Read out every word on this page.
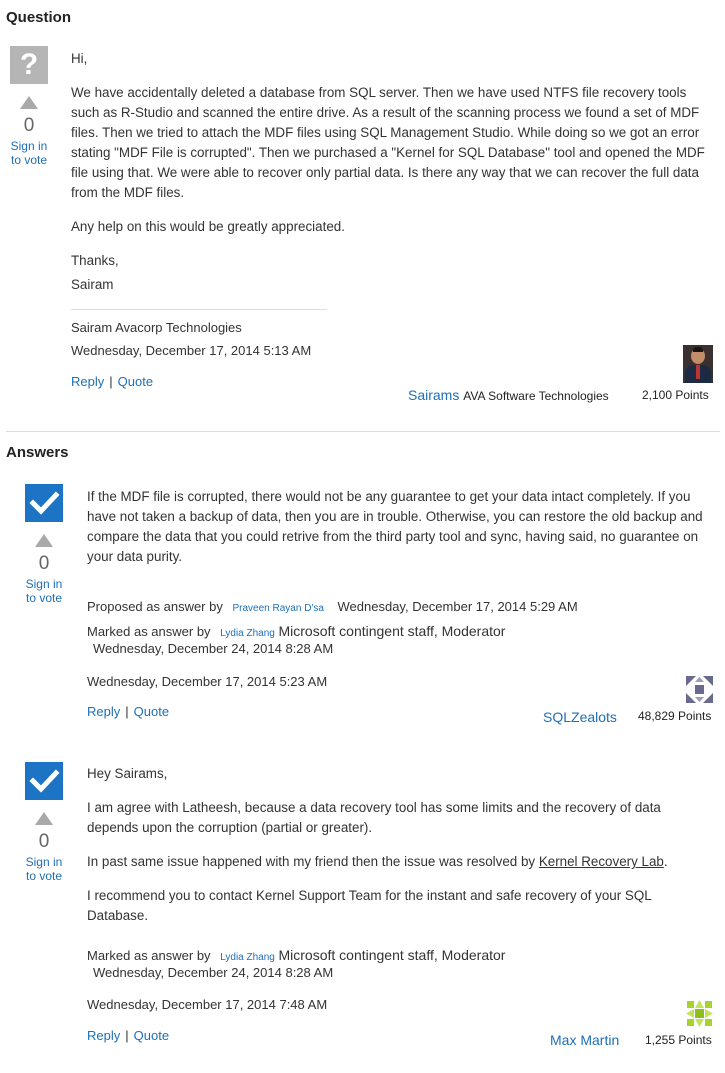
Question
?
0
Sign in
to vote

Hi,

We have accidentally deleted a database from SQL server. Then we have used NTFS file recovery tools such as R-Studio and scanned the entire drive. As a result of the scanning process we found a set of MDF files. Then we tried to attach the MDF files using SQL Management Studio. While doing so we got an error stating "MDF File is corrupted". Then we purchased a "Kernel for SQL Database" tool and opened the MDF file using that. We were able to recover only partial data. Is there any way that we can recover the full data from the MDF files.

Any help on this would be greatly appreciated.

Thanks,

Sairam

Sairam Avacorp Technologies
Wednesday, December 17, 2014 5:13 AM
Reply | Quote
Sairams AVA Software Technologies	2,100 Points
Answers
0
Sign in
to vote

If the MDF file is corrupted, there would not be any guarantee to get your data intact completely. If you have not taken a backup of data, then you are in trouble. Otherwise, you can restore the old backup and compare the data that you could retrive from the third party tool and sync, having said, no guarantee on your data purity.

Proposed as answer by Praveen Rayan D'sa Wednesday, December 17, 2014 5:29 AM
Marked as answer by Lydia Zhang Microsoft contingent staff, Moderator
Wednesday, December 24, 2014 8:28 AM
Wednesday, December 17, 2014 5:23 AM
Reply | Quote	SQLZealots 48,829 Points
0
Sign in
to vote

Hey Sairams,

I am agree with Latheesh, because a data recovery tool has some limits and the recovery of data depends upon the corruption (partial or greater).

In past same issue happened with my friend then the issue was resolved by Kernel Recovery Lab.

I recommend you to contact Kernel Support Team for the instant and safe recovery of your SQL Database.

Marked as answer by Lydia Zhang Microsoft contingent staff, Moderator
Wednesday, December 24, 2014 8:28 AM
Wednesday, December 17, 2014 7:48 AM
Reply | Quote	Max Martin 1,255 Points
